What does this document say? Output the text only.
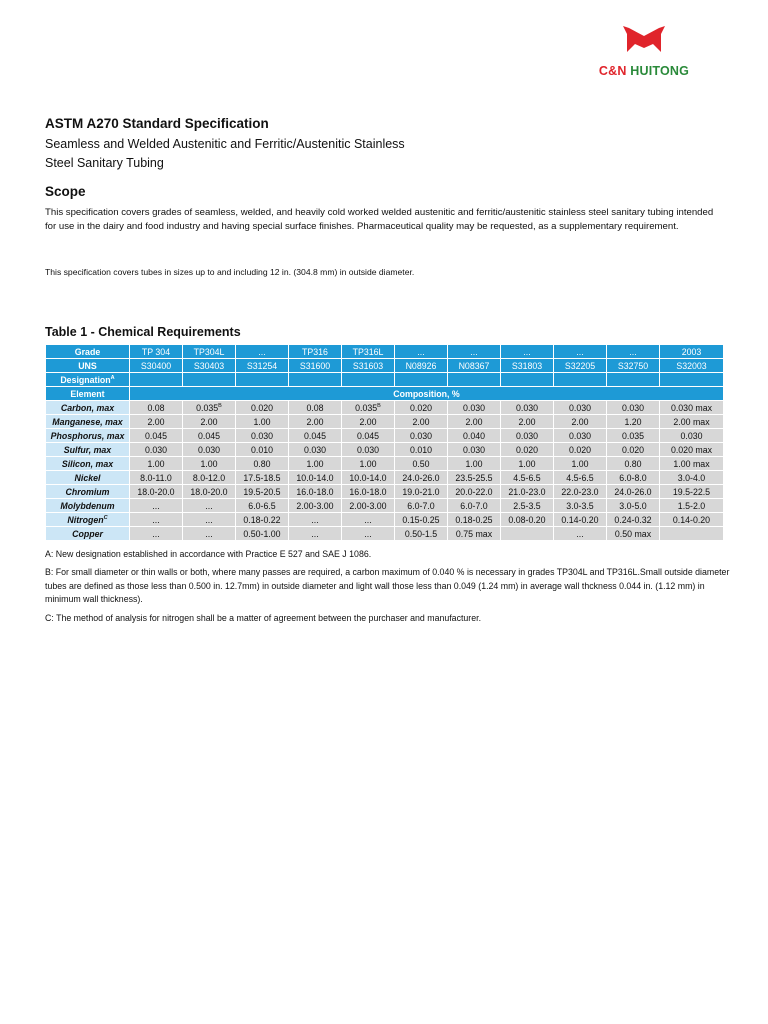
C&N HUITONG
ASTM A270 Standard Specification
Seamless and Welded Austenitic and Ferritic/Austenitic Stainless Steel Sanitary Tubing
Scope
This specification covers grades of seamless, welded, and heavily cold worked welded austenitic and ferritic/austenitic stainless steel sanitary tubing intended for use in the dairy and food industry and having special surface finishes. Pharmaceutical quality may be requested, as a supplementary requirement.
This specification covers tubes in sizes up to and including 12 in. (304.8 mm) in outside diameter.
Table 1 - Chemical Requirements
Grade	TP 304	TP304L	...	TP316	TP316L	...	...	...	...	...	2003
UNS	S30400	S30403	S31254	S31600	S31603	N08926	N08367	S31803	S32205	S32750	S32003
Designation$^A$											
Element	Composition, %										
Carbon, max	0.08	$0.035^B$	0.020	0.08	$0.035^B$	0.020	0.030	0.030	0.030	0.030	0.030 max
Manganese, max	2.00	2.00	1.00	2.00	2.00	2.00	2.00	2.00	2.00	1.20	2.00 max
Phosphorus, max	0.045	0.045	0.030	0.045	0.045	0.030	0.040	0.030	0.030	0.035	0.030
Sulfur, max	0.030	0.030	0.010	0.030	0.030	0.010	0.030	0.020	0.020	0.020	0.020 max
Silicon, max	1.00	1.00	0.80	1.00	1.00	0.50	1.00	1.00	1.00	0.80	1.00 max
Nickel	8.0-11.0	8.0-12.0	17.5-18.5	10.0-14.0	10.0-14.0	24.0-26.0	23.5-25.5	4.5-6.5	4.5-6.5	6.0-8.0	3.0-4.0
Chromium	18.0-20.0	18.0-20.0	19.5-20.5	16.0-18.0	16.0-18.0	19.0-21.0	20.0-22.0	21.0-23.0	22.0-23.0	24.0-26.0	19.5-22.5
Molybdenum	...	...	6.0-6.5	2.00-3.00	2.00-3.00	6.0-7.0	6.0-7.0	2.5-3.5	3.0-3.5	3.0-5.0	1.5-2.0
Nitrogen$^C$	...	...	0.18-0.22	...	...	0.15-0.25	0.18-0.25	0.08-0.20	0.14-0.20	0.24-0.32	0.14-0.20
Copper	...	...	0.50-1.00	...	...	0.50-1.5	0.75 max		...	0.50 max	
A: New designation established in accordance with Practice E 527 and SAE J 1086.
B: For small diameter or thin walls or both, where many passes are required, a carbon maximum of 0.040 % is necessary in grades TP304L and TP316L.Small outside diameter tubes are defined as those less than 0.500 in. 12.7mm) in outside diameter and light wall those less than 0.049 (1.24 mm) in average wall thckness 0.044 in. (1.12 mm) in minimum wall thickness).
C: The method of analysis for nitrogen shall be a matter of agreement between the purchaser and manufacturer.
